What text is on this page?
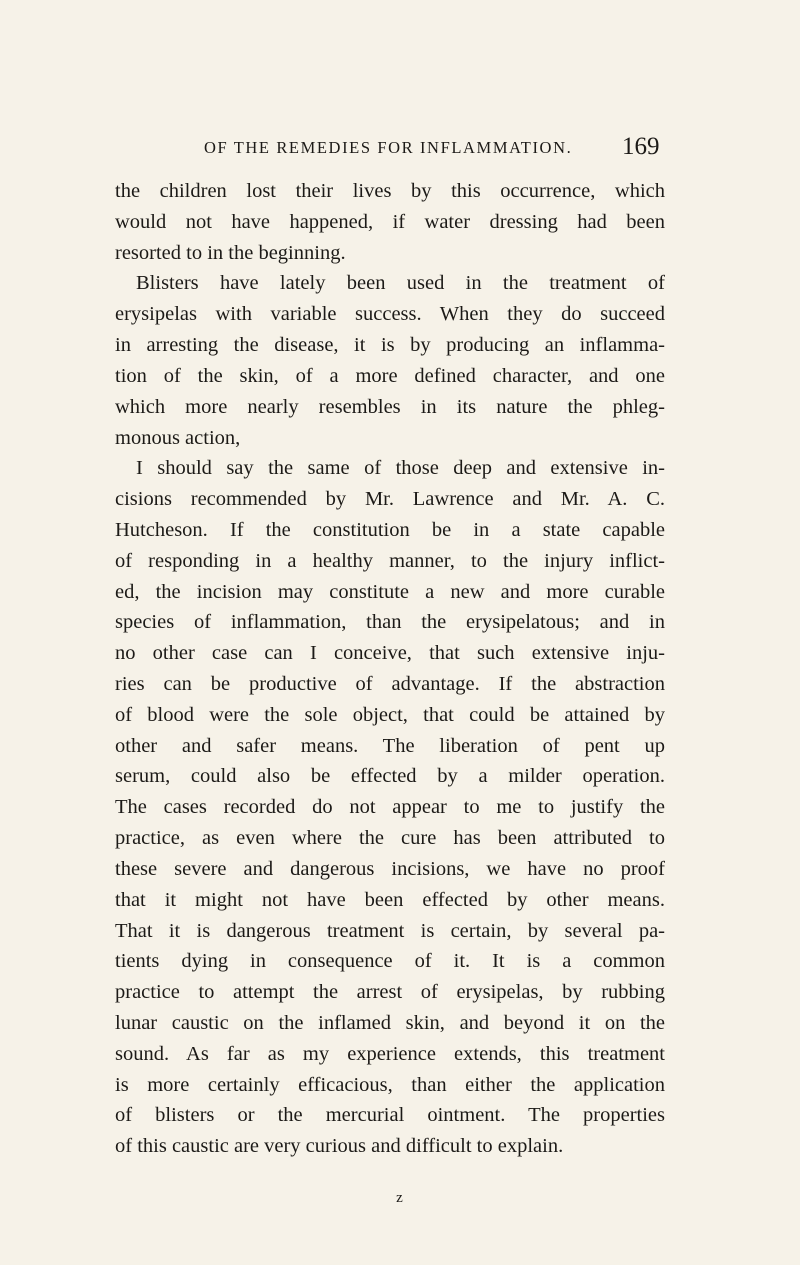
OF THE REMEDIES FOR INFLAMMATION. 169
the children lost their lives by this occurrence, which
would not have happened, if water dressing had been
resorted to in the beginning.
Blisters have lately been used in the treatment of
erysipelas with variable success. When they do succeed
in arresting the disease, it is by producing an inflamma-
tion of the skin, of a more defined character, and one
which more nearly resembles in its nature the phleg-
monous action,
I should say the same of those deep and extensive in-
cisions recommended by Mr. Lawrence and Mr. A. C.
Hutcheson. If the constitution be in a state capable
of responding in a healthy manner, to the injury inflict-
ed, the incision may constitute a new and more curable
species of inflammation, than the erysipelatous; and in
no other case can I conceive, that such extensive inju-
ries can be productive of advantage. If the abstraction
of blood were the sole object, that could be attained by
other and safer means. The liberation of pent up
serum, could also be effected by a milder operation.
The cases recorded do not appear to me to justify the
practice, as even where the cure has been attributed to
these severe and dangerous incisions, we have no proof
that it might not have been effected by other means.
That it is dangerous treatment is certain, by several pa-
tients dying in consequence of it. It is a common
practice to attempt the arrest of erysipelas, by rubbing
lunar caustic on the inflamed skin, and beyond it on the
sound. As far as my experience extends, this treatment
is more certainly efficacious, than either the application
of blisters or the mercurial ointment. The properties
of this caustic are very curious and difficult to explain.
z
